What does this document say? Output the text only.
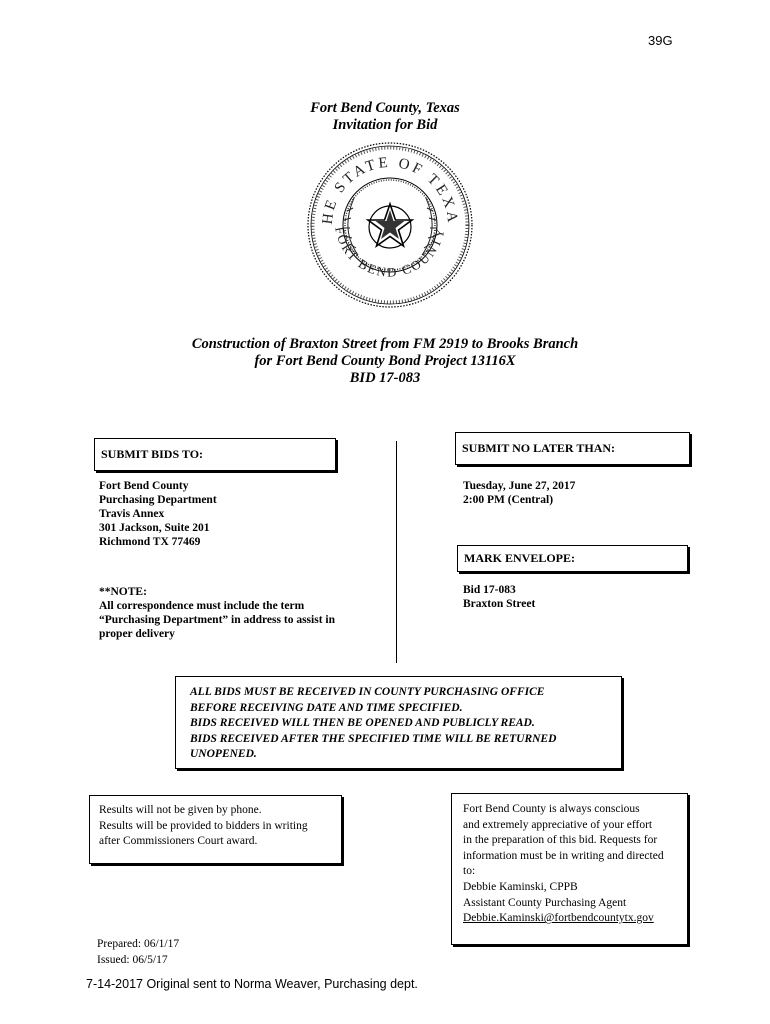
39G
Fort Bend County, Texas
Invitation for Bid
HE STATE OF TEXA
FORT BEND COUNTY
Construction of Braxton Street from FM 2919 to Brooks Branch
for Fort Bend County Bond Project 13116X
BID 17-083
SUBMIT BIDS TO:
Fort Bend County
Purchasing Department
Travis Annex
301 Jackson, Suite 201
Richmond TX 77469
**NOTE:
All correspondence must include the term
“Purchasing Department” in address to assist in
proper delivery
SUBMIT NO LATER THAN:
Tuesday, June 27, 2017
2:00 PM (Central)
MARK ENVELOPE:
Bid 17-083
Braxton Street
ALL BIDS MUST BE RECEIVED IN COUNTY PURCHASING OFFICE
BEFORE RECEIVING DATE AND TIME SPECIFIED.
BIDS RECEIVED WILL THEN BE OPENED AND PUBLICLY READ.
BIDS RECEIVED AFTER THE SPECIFIED TIME WILL BE RETURNED
UNOPENED.
Results will not be given by phone.
Results will be provided to bidders in writing
after Commissioners Court award.
Fort Bend County is always conscious
and extremely appreciative of your effort
in the preparation of this bid. Requests for
information must be in writing and directed
to:
Debbie Kaminski, CPPB
Assistant County Purchasing Agent
Debbie.Kaminski@fortbendcountytx.gov
Prepared: 06/1/17
Issued: 06/5/17
7-14-2017 Original sent to Norma Weaver, Purchasing dept.
